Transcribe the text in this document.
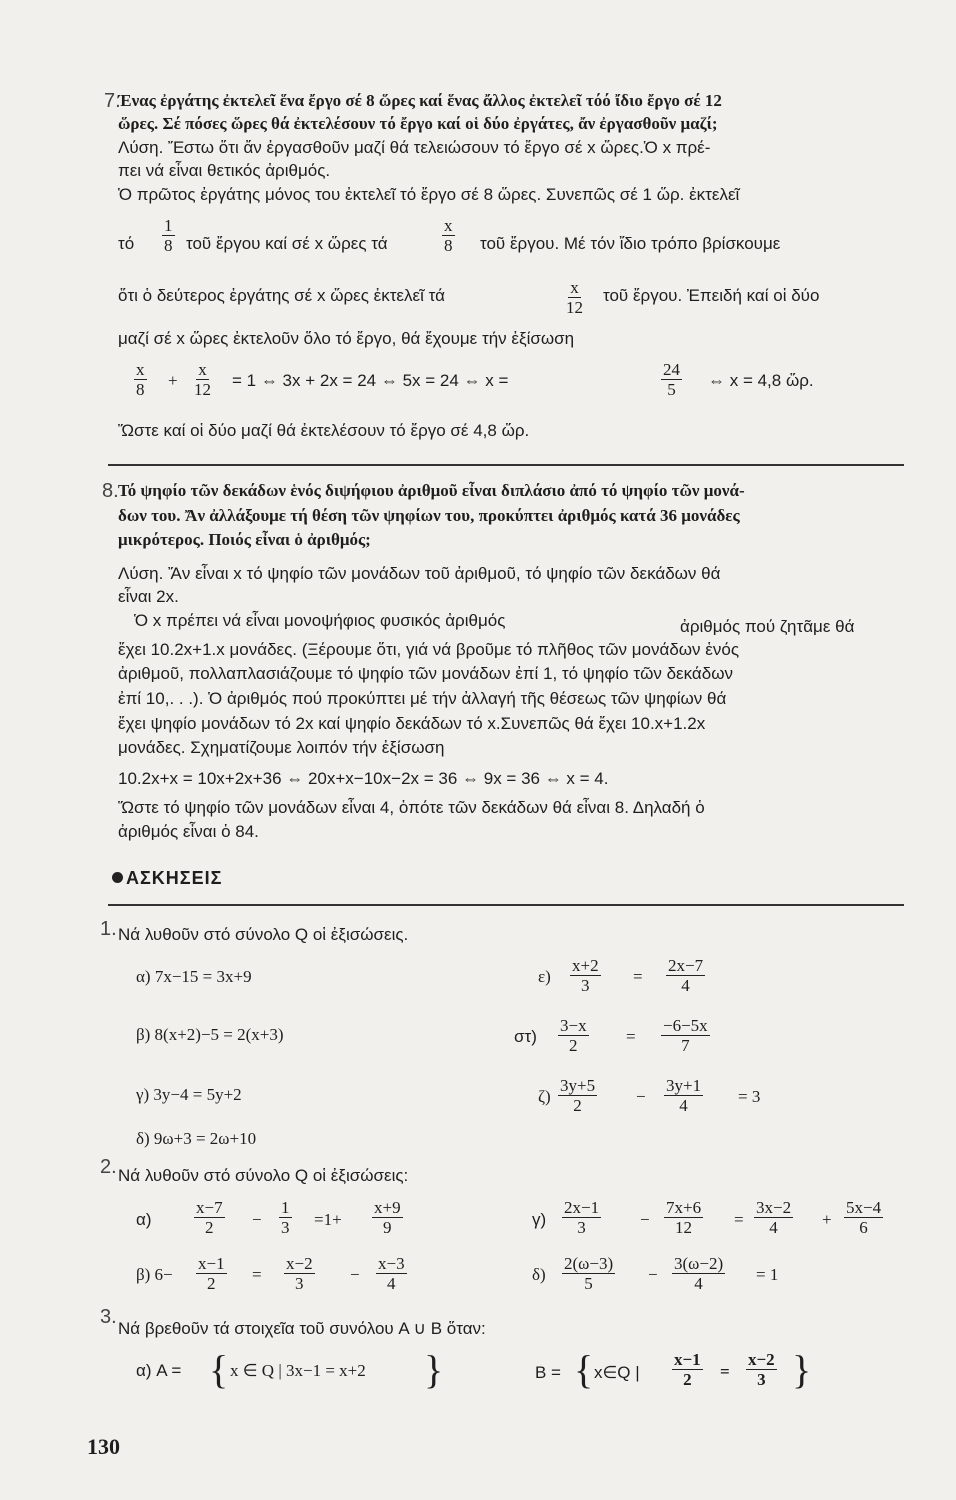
7.
Ένας ἐργάτης ἐκτελεῖ ἕνα ἔργο σέ 8 ὥρες καί ἕνας ἄλλος ἐκτελεῖ τόό ἴδιο ἔργο σέ 12
ὥρες. Σέ πόσες ὥρες θά ἐκτελέσουν τό ἔργο καί οἱ δύο ἐργάτες, ἄν ἐργασθοῦν μαζί;
Λύση. Ἔστω ὅτι ἄν ἐργασθοῦν μαζί θά τελειώσουν τό ἔργο σέ x ὥρες.Ὁ x πρέ-
πει νά εἶναι θετικός ἀριθμός.
Ὁ πρῶτος ἐργάτης μόνος του ἐκτελεῖ τό ἔργο σέ 8 ὥρες. Συνεπῶς σέ 1 ὥρ. ἐκτελεῖ
τό $\frac{1}{8}$ τοῦ ἔργου καί σέ x ὥρες τά	$\frac{x}{8}$ τοῦ ἔργου. Μέ τόν ἴδιο τρόπο βρίσκουμε
ὅτι ὁ δεύτερος ἐργάτης σέ x ὥρες ἐκτελεῖ τά	$\frac{x}{12}$ τοῦ ἔργου. Ἐπειδή καί οἱ δύο
μαζί σέ x ὥρες ἐκτελοῦν ὅλο τό ἔργο, θά ἔχουμε τήν ἐξίσωση
$\frac{x}{8} + \frac{x}{12} = 1$ ⇔ 3x + 2x = 24 ⇔ 5x = 24 ⇔ x =	$\frac{24}{5}$ ⇔ x = 4,8 ὥρ.
Ὥστε καί οἱ δύο μαζί θά ἐκτελέσουν τό ἔργο σέ 4,8 ὥρ.
8. Τό ψηφίο τῶν δεκάδων ἑνός διψήφιου ἀριθμοῦ εἶναι διπλάσιο ἀπό τό ψηφίο τῶν μονά-
δων του. Ἄν ἀλλάξουμε τή θέση τῶν ψηφίων του, προκύπτει ἀριθμός κατά 36 μονάδες
μικρότερος. Ποιός εἶναι ὁ ἀριθμός;
Λύση. Ἄν εἶναι x τό ψηφίο τῶν μονάδων τοῦ ἀριθμοῦ, τό ψηφίο τῶν δεκάδων θά
εἶναι 2x.
Ὁ x πρέπει νά εἶναι μονοψήφιος φυσικός ἀριθμός	ἀριθμός πού ζητᾶμε θά
ἔχει 10.2x+1.x μονάδες. (Ξέρουμε ὅτι, γιά νά βροῦμε τό πλῆθος τῶν μονάδων ἑνός
ἀριθμοῦ, πολλαπλασιάζουμε τό ψηφίο τῶν μονάδων ἐπί 1, τό ψηφίο τῶν δεκάδων
ἐπί 10,. . .). Ὁ ἀριθμός πού προκύπτει μέ τήν ἀλλαγή τῆς θέσεως τῶν ψηφίων θά
ἔχει ψηφίο μονάδων τό 2x καί ψηφίο δεκάδων τό x.Συνεπῶς θά ἔχει 10.x+1.2x
μονάδες. Σχηματίζουμε λοιπόν τήν ἐξίσωση
10.2x+x = 10x+2x+36 ⇔ 20x+x−10x−2x = 36 ⇔ 9x = 36 ⇔ x = 4.
Ὥστε τό ψηφίο τῶν μονάδων εἶναι 4, ὁπότε τῶν δεκάδων θά εἶναι 8. Δηλαδή ὁ
ἀριθμός εἶναι ὁ 84.
ΑΣΚΗΣΕΙΣ
1. Νά λυθοῦν στό σύνολο Q οἱ ἐξισώσεις.
α) 7x−15 = 3x+9
β) 8(x+2)−5 = 2(x+3)
γ) 3y−4 = 5y+2
δ) 9ω+3 = 2ω+10
$\varepsilon) \frac{x+2}{3} = \frac{2x-7}{4}$
$\sigma\tau) \frac{3-x}{2} = \frac{-6-5x}{7}$
$\zeta) \frac{3y+5}{2} - \frac{3y+1}{4} = 3$
2. Νά λυθοῦν στό σύνολο Q οἱ ἐξισώσεις:
α)	$\frac{x-7}{2} - \frac{1}{3} =1+ \frac{x+9}{9}$	$\gamma) \frac{2x-1}{3} - \frac{7x+6}{12} = \frac{3x-2}{4} + \frac{5x-4}{6}$
β) $6- \frac{x-1}{2} = \frac{x-2}{3} - \frac{x-3}{4}$	$\delta) \frac{2(\omega-3)}{5} - \frac{3(\omega-2)}{4} = 1$
3.
Νά βρεθοῦν τά στοιχεῖα τοῦ συνόλου A ∪ B ὅταν:
α) A = { x ∈ Q | 3x−1 = x+2 }	B = { x∈Q | $\frac{x-1}{2} = \frac{x-2}{3}$ }
130
